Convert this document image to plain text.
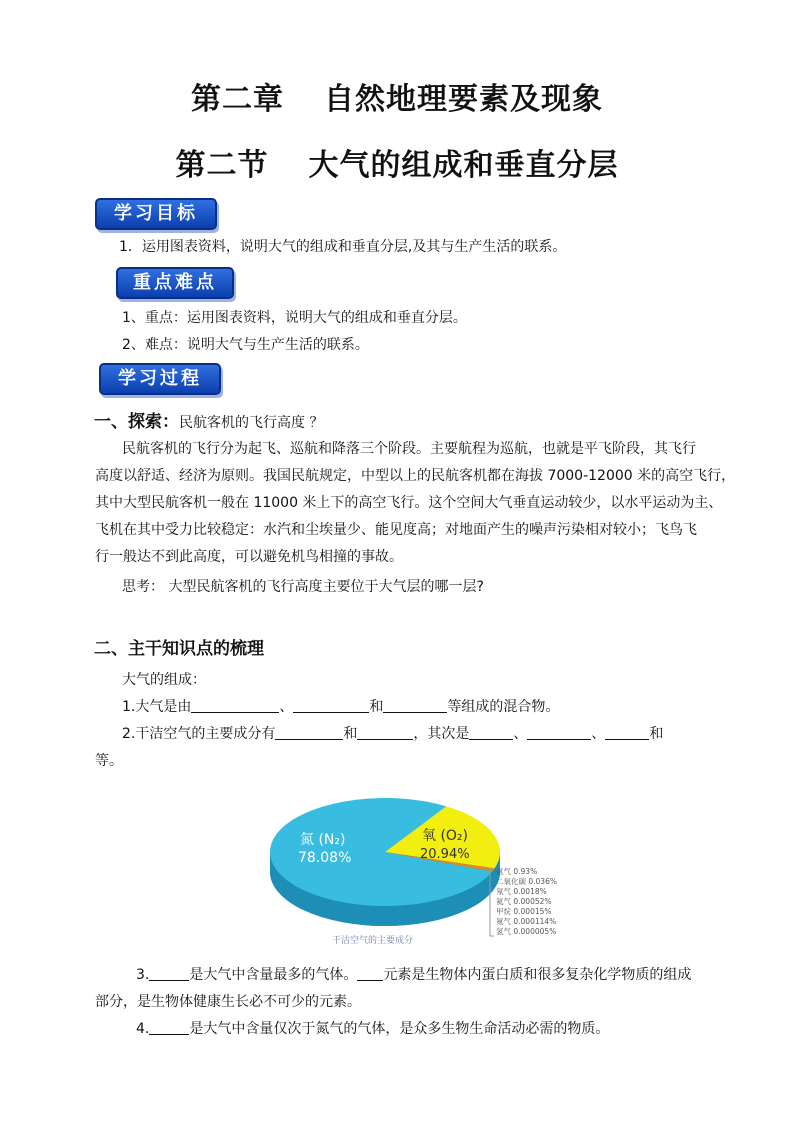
第二章 自然地理要素及现象
第二节 大气的组成和垂直分层
学习目标
1．运用图表资料，说明大气的组成和垂直分层,及其与生产生活的联系。
重点难点
1、重点：运用图表资料，说明大气的组成和垂直分层。
2、难点：说明大气与生产生活的联系。
学习过程
一、探索：民航客机的飞行高度 ？
民航客机的飞行分为起飞、巡航和降落三个阶段。主要航程为巡航，也就是平飞阶段，其飞行
高度以舒适、经济为原则。我国民航规定，中型以上的民航客机都在海拔 7000-12000 米的高空飞行，
其中大型民航客机一般在 11000 米上下的高空飞行。这个空间大气垂直运动较少，以水平运动为主、
飞机在其中受力比较稳定：水汽和尘埃量少、能见度高；对地面产生的噪声污染相对较小；飞鸟飞
行一般达不到此高度，可以避免机鸟相撞的事故。
思考： 大型民航客机的飞行高度主要位于大气层的哪一层?
二、主干知识点的梳理
大气的组成：
1.大气是由	、	和	等组成的混合物。
2.干洁空气的主要成分有	和	，其次是	、	、	和
等。
氮 (N₂)
78.08%
氧 (O₂)
20.94%
氩气 0.93%
二氧化碳 0.036%
氖气 0.0018%
氦气 0.00052%
甲烷 0.00015%
氪气 0.000114%
氢气 0.000005%
干洁空气的主要成分
3.	是大气中含量最多的气体。 元素是生物体内蛋白质和很多复杂化学物质的组成
部分，是生物体健康生长必不可少的元素。
4.	是大气中含量仅次于氮气的气体，是众多生物生命活动必需的物质。
